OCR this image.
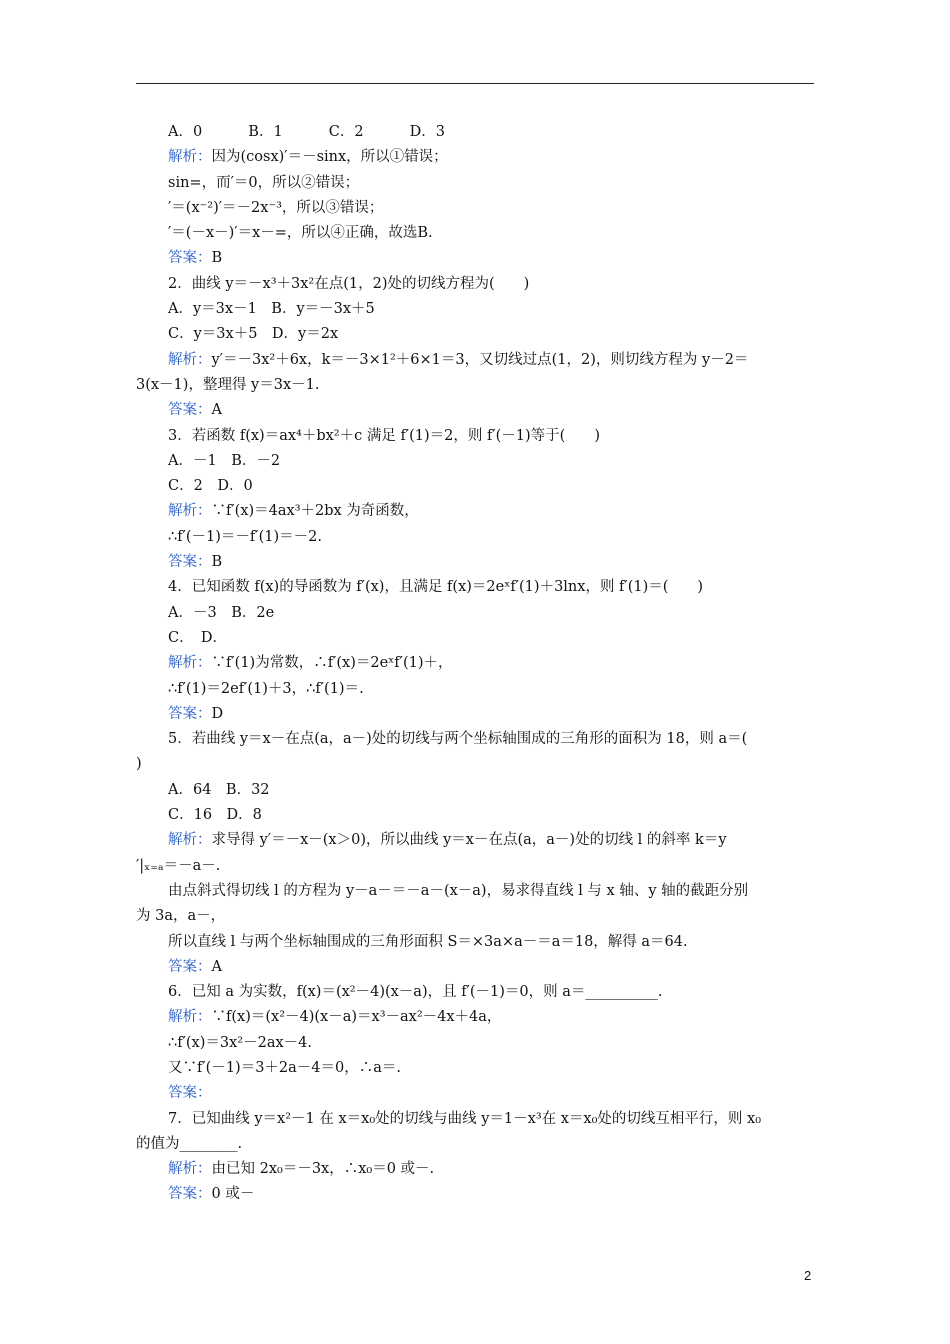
A．0          B．1          C．2          D．3
解析：因为(cosx)′＝－sinx，所以①错误；
sin=，而′＝0，所以②错误；
′＝(x⁻²)′＝－2x⁻³，所以③错误；
′＝(－x－)′＝x－=，所以④正确，故选B.
答案：B
2．曲线 y＝－x³＋3x²在点(1，2)处的切线方程为(　　)
A．y＝3x－1　B．y＝－3x＋5
C．y＝3x＋5　D．y＝2x
解析：y′＝－3x²＋6x，k＝－3×1²＋6×1＝3，又切线过点(1，2)，则切线方程为 y－2＝
3(x－1)，整理得 y＝3x－1.
答案：A
3．若函数 f(x)＝ax⁴＋bx²＋c 满足 f′(1)＝2，则 f′(－1)等于(　　)
A．－1　B．－2
C．2　D．0
解析：∵f′(x)＝4ax³＋2bx 为奇函数，
∴f′(－1)＝－f′(1)＝－2.
答案：B
4．已知函数 f(x)的导函数为 f′(x)，且满足 f(x)＝2eˣf′(1)＋3lnx，则 f′(1)＝(　　)
A．－3　B．2e
C．　D．
解析：∵f′(1)为常数，∴f′(x)＝2eˣf′(1)＋，
∴f′(1)＝2ef′(1)＋3，∴f′(1)＝.
答案：D
5．若曲线 y＝x－在点(a，a－)处的切线与两个坐标轴围成的三角形的面积为 18，则 a＝(
)
A．64　B．32
C．16　D．8
解析：求导得 y′＝－x－(x＞0)，所以曲线 y＝x－在点(a，a－)处的切线 l 的斜率 k＝y
′|ₓ₌ₐ＝－a－.
由点斜式得切线 l 的方程为 y－a－＝－a－(x－a)，易求得直线 l 与 x 轴、y 轴的截距分别
为 3a，a－，
所以直线 l 与两个坐标轴围成的三角形面积 S＝×3a×a－＝a＝18，解得 a＝64.
答案：A
6．已知 a 为实数，f(x)＝(x²－4)(x－a)，且 f′(－1)＝0，则 a＝__________.
解析：∵f(x)＝(x²－4)(x－a)＝x³－ax²－4x＋4a，
∴f′(x)＝3x²－2ax－4.
又∵f′(－1)＝3＋2a－4＝0，∴a＝.
答案：
7．已知曲线 y＝x²－1 在 x＝x₀处的切线与曲线 y＝1－x³在 x＝x₀处的切线互相平行，则 x₀
的值为________.
解析：由已知 2x₀＝－3x，∴x₀＝0 或－.
答案：0 或－
2
